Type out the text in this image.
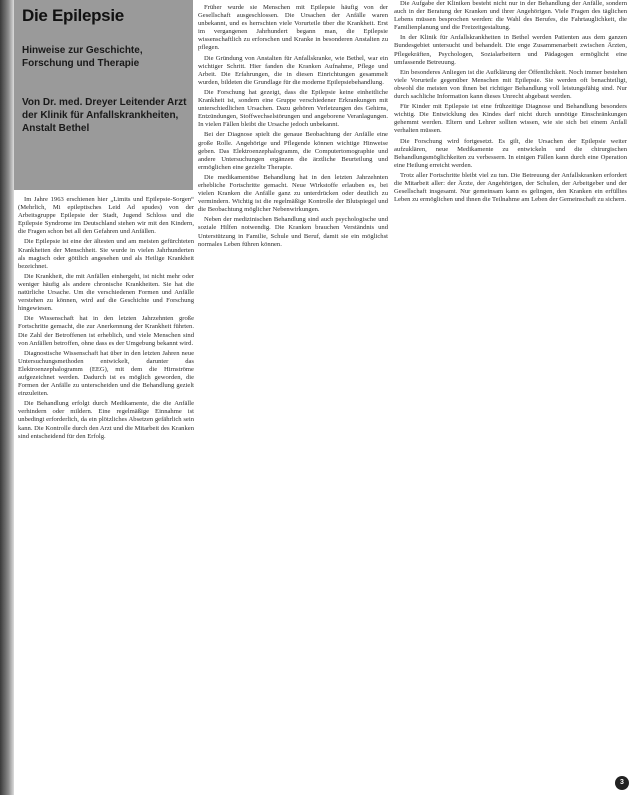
Die Epilepsie

Hinweise zur Geschichte, Forschung und Therapie

Von Dr. med. Dreyer Leitender Arzt der Klinik für Anfallskrankheiten, Anstalt Bethel

Im Jahre 1963 erschienen hier „Limits und Epilepsie-Sorgen“ (Mehrlich, Mi epileptisches Leid Ad spudes) von der Arbeitsgruppe Epilepsie der Stadt, Jugend Schloss und die Epilepsie Syndrome im Deutschland stehen wir mit den Kindern, die Fragen schon bei all den Gefahren und Anfällen.

Die Epilepsie ist eine der ältesten und am meisten gefürchteten Krankheiten der Menschheit. Sie wurde in vielen Jahrhunderten als magisch oder göttlich angesehen und als Heilige Krankheit bezeichnet.

Die Krankheit, die mit Anfällen einhergeht, ist nicht mehr oder weniger häufig als andere chronische Krankheiten. Sie hat die natürliche Ursache. Um die verschiedenen Formen und Anfälle verstehen zu können, wird auf die Geschichte und Forschung hingewiesen.

Die Wissenschaft hat in den letzten Jahrzehnten große Fortschritte gemacht, die zur Anerkennung der Krankheit führten. Die Zahl der Betroffenen ist erheblich, und viele Menschen sind von Anfällen betroffen, ohne dass es der Umgebung bekannt wird.

Diagnostische Wissenschaft hat über in den letzten Jahren neue Untersuchungsmethoden entwickelt, darunter das Elektroenzephalogramm (EEG), mit dem die Hirnströme aufgezeichnet werden. Dadurch ist es möglich geworden, die Formen der Anfälle zu unterscheiden und die Behandlung gezielt einzuleiten.

Die Behandlung erfolgt durch Medikamente, die die Anfälle verhindern oder mildern. Eine regelmäßige Einnahme ist unbedingt erforderlich, da ein plötzliches Absetzen gefährlich sein kann. Die Kontrolle durch den Arzt und die Mitarbeit des Kranken sind entscheidend für den Erfolg.

Früher wurde sie Menschen mit Epilepsie häufig von der Gesellschaft ausgeschlossen. Die Ursachen der Anfälle waren unbekannt, und es herrschten viele Vorurteile über die Krankheit. Erst im vergangenen Jahrhundert begann man, die Epilepsie wissenschaftlich zu erforschen und Kranke in besonderen Anstalten zu pflegen.

Die Gründung von Anstalten für Anfallskranke, wie Bethel, war ein wichtiger Schritt. Hier fanden die Kranken Aufnahme, Pflege und Arbeit. Die Erfahrungen, die in diesen Einrichtungen gesammelt wurden, bildeten die Grundlage für die moderne Epilepsiebehandlung.

Die Forschung hat gezeigt, dass die Epilepsie keine einheitliche Krankheit ist, sondern eine Gruppe verschiedener Erkrankungen mit unterschiedlichen Ursachen. Dazu gehören Verletzungen des Gehirns, Entzündungen, Stoffwechselstörungen und angeborene Veranlagungen. In vielen Fällen bleibt die Ursache jedoch unbekannt.

Bei der Diagnose spielt die genaue Beobachtung der Anfälle eine große Rolle. Angehörige und Pflegende können wichtige Hinweise geben. Das Elektroenzephalogramm, die Computertomographie und andere Untersuchungen ergänzen die ärztliche Beurteilung und ermöglichen eine gezielte Therapie.

Die medikamentöse Behandlung hat in den letzten Jahrzehnten erhebliche Fortschritte gemacht. Neue Wirkstoffe erlauben es, bei vielen Kranken die Anfälle ganz zu unterdrücken oder deutlich zu vermindern. Wichtig ist die regelmäßige Kontrolle der Blutspiegel und die Beobachtung möglicher Nebenwirkungen.

Neben der medizinischen Behandlung sind auch psychologische und soziale Hilfen notwendig. Die Kranken brauchen Verständnis und Unterstützung in Familie, Schule und Beruf, damit sie ein möglichst normales Leben führen können.

Die Aufgabe der Kliniken besteht nicht nur in der Behandlung der Anfälle, sondern auch in der Beratung der Kranken und ihrer Angehörigen. Viele Fragen des täglichen Lebens müssen besprochen werden: die Wahl des Berufes, die Fahrtauglichkeit, die Familienplanung und die Freizeitgestaltung.

In der Klinik für Anfallskrankheiten in Bethel werden Patienten aus dem ganzen Bundesgebiet untersucht und behandelt. Die enge Zusammenarbeit zwischen Ärzten, Pflegekräften, Psychologen, Sozialarbeitern und Pädagogen ermöglicht eine umfassende Betreuung.

Ein besonderes Anliegen ist die Aufklärung der Öffentlichkeit. Noch immer bestehen viele Vorurteile gegenüber Menschen mit Epilepsie. Sie werden oft benachteiligt, obwohl die meisten von ihnen bei richtiger Behandlung voll leistungsfähig sind. Nur durch sachliche Information kann dieses Unrecht abgebaut werden.

Für Kinder mit Epilepsie ist eine frühzeitige Diagnose und Behandlung besonders wichtig. Die Entwicklung des Kindes darf nicht durch unnötige Einschränkungen gehemmt werden. Eltern und Lehrer sollten wissen, wie sie sich bei einem Anfall verhalten müssen.

Die Forschung wird fortgesetzt. Es gilt, die Ursachen der Epilepsie weiter aufzuklären, neue Medikamente zu entwickeln und die chirurgischen Behandlungsmöglichkeiten zu verbessern. In einigen Fällen kann durch eine Operation eine Heilung erreicht werden.

Trotz aller Fortschritte bleibt viel zu tun. Die Betreuung der Anfallskranken erfordert die Mitarbeit aller: der Ärzte, der Angehörigen, der Schulen, der Arbeitgeber und der Gesellschaft insgesamt. Nur gemeinsam kann es gelingen, den Kranken ein erfülltes Leben zu ermöglichen und ihnen die Teilnahme am Leben der Gemeinschaft zu sichern.

3
